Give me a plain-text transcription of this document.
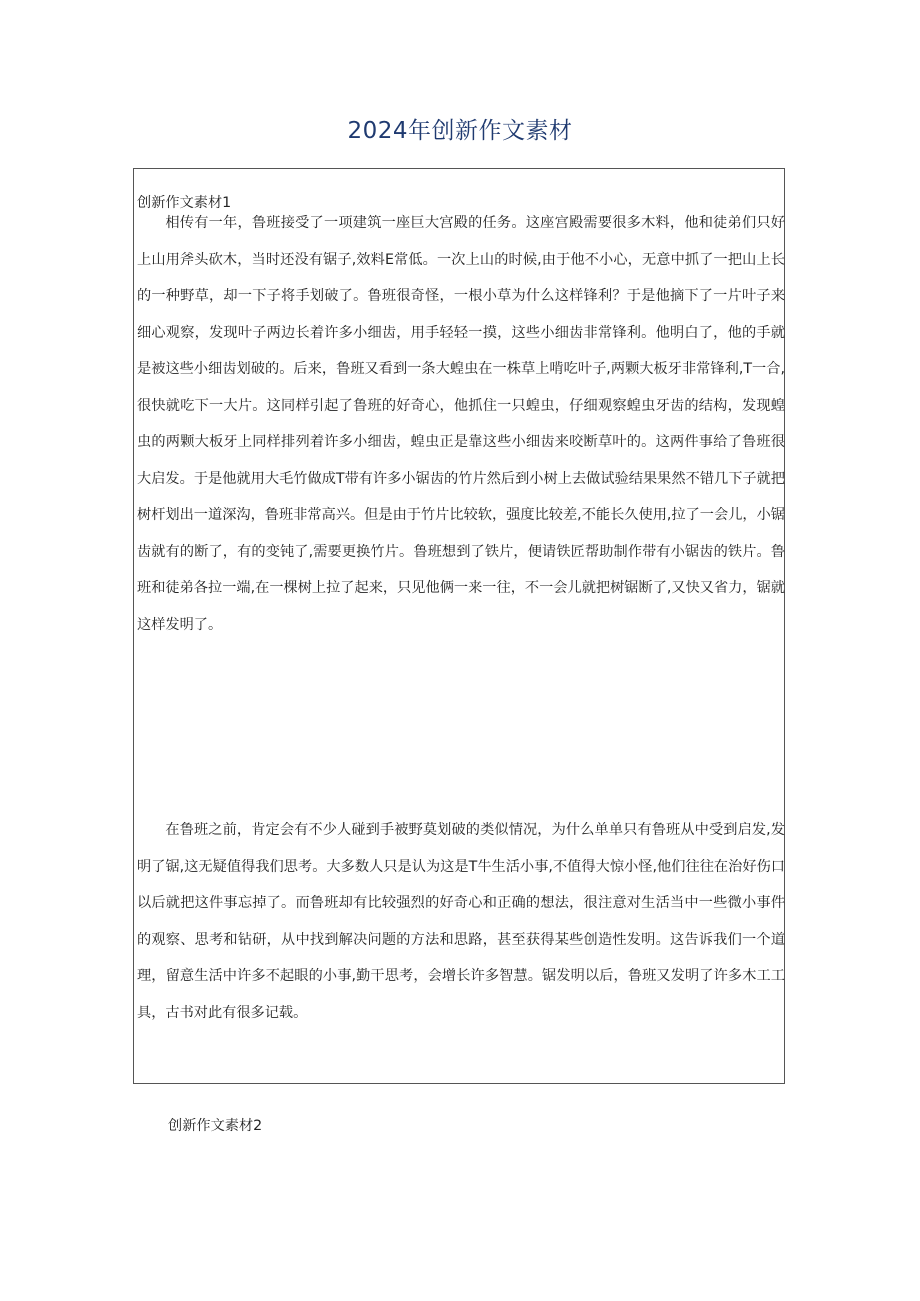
2024年创新作文素材
创新作文素材1

相传有一年，鲁班接受了一项建筑一座巨大宫殿的任务。这座宫殿需要很多木料，他和徒弟们只好上山用斧头砍木，当时还没有锯子,效料E常低。一次上山的时候,由于他不小心，无意中抓了一把山上长的一种野草，却一下子将手划破了。鲁班很奇怪，一根小草为什么这样锋利？于是他摘下了一片叶子来细心观察，发现叶子两边长着许多小细齿，用手轻轻一摸，这些小细齿非常锋利。他明白了，他的手就是被这些小细齿划破的。后来，鲁班又看到一条大蝗虫在一株草上啃吃叶子,两颗大板牙非常锋利,T一合,很快就吃下一大片。这同样引起了鲁班的好奇心，他抓住一只蝗虫，仔细观察蝗虫牙齿的结构，发现蝗虫的两颗大板牙上同样排列着许多小细齿，蝗虫正是靠这些小细齿来咬断草叶的。这两件事给了鲁班很大启发。于是他就用大毛竹做成T带有许多小锯齿的竹片然后到小树上去做试验结果果然不错几下子就把树杆划出一道深沟，鲁班非常高兴。但是由于竹片比较软，强度比较差,不能长久使用,拉了一会儿，小锯齿就有的断了，有的变钝了,需要更换竹片。鲁班想到了铁片，便请铁匠帮助制作带有小锯齿的铁片。鲁班和徒弟各拉一端,在一棵树上拉了起来，只见他俩一来一往，不一会儿就把树锯断了,又快又省力，锯就这样发明了。

在鲁班之前，肯定会有不少人碰到手被野莫划破的类似情况，为什么单单只有鲁班从中受到启发,发明了锯,这无疑值得我们思考。大多数人只是认为这是T牛生活小事,不值得大惊小怪,他们往往在治好伤口以后就把这件事忘掉了。而鲁班却有比较强烈的好奇心和正确的想法，很注意对生活当中一些微小事件的观察、思考和钻研，从中找到解决问题的方法和思路，甚至获得某些创造性发明。这告诉我们一个道理，留意生活中许多不起眼的小事,勤干思考，会增长许多智慧。锯发明以后，鲁班又发明了许多木工工具，古书对此有很多记载。

创新作文素材2
